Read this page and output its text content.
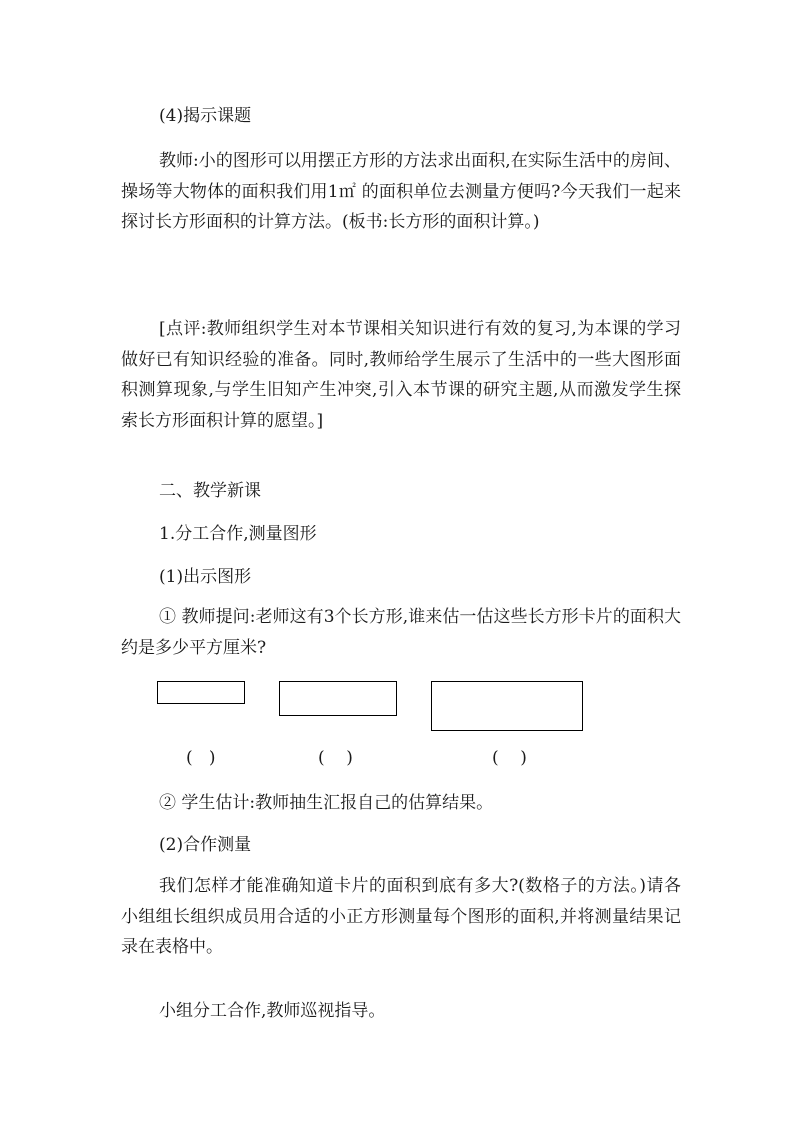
(4)揭示课题

教师:小的图形可以用摆正方形的方法求出面积,在实际生活中的房间、操场等大物体的面积我们用1㎡ 的面积单位去测量方便吗?今天我们一起来探讨长方形面积的计算方法。(板书:长方形的面积计算。)

[点评:教师组织学生对本节课相关知识进行有效的复习,为本课的学习做好已有知识经验的准备。同时,教师给学生展示了生活中的一些大图形面积测算现象,与学生旧知产生冲突,引入本节课的研究主题,从而激发学生探索长方形面积计算的愿望。]

二、教学新课

1.分工合作,测量图形

(1)出示图形

① 教师提问:老师这有3个长方形,谁来估一估这些长方形卡片的面积大约是多少平方厘米?

(   )	(    )	(    )

② 学生估计:教师抽生汇报自己的估算结果。

(2)合作测量

我们怎样才能准确知道卡片的面积到底有多大?(数格子的方法。)请各小组组长组织成员用合适的小正方形测量每个图形的面积,并将测量结果记录在表格中。

小组分工合作,教师巡视指导。
